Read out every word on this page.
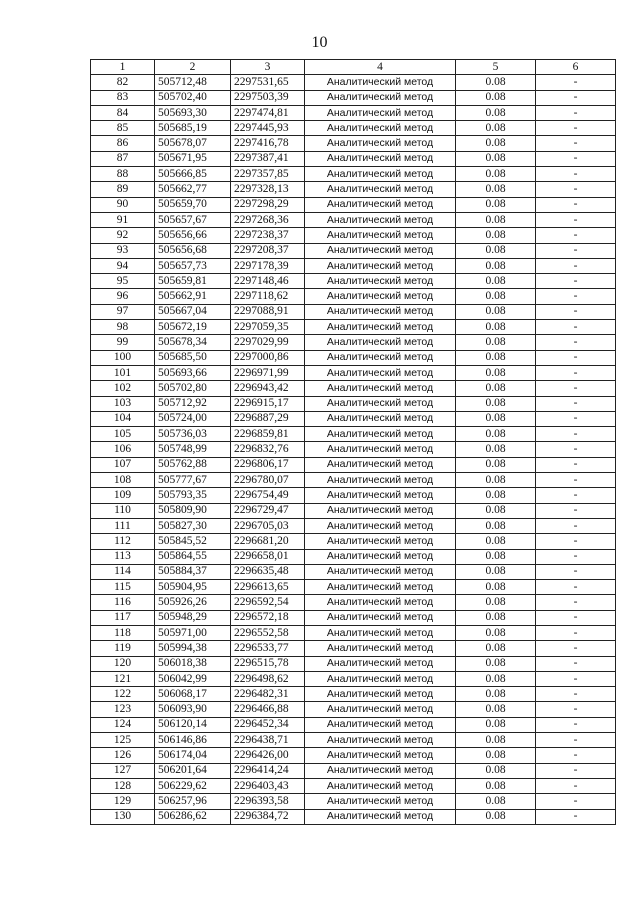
10
1	2	3	4	5	6
82	505712,48	2297531,65	Аналитический метод	0.08	-
83	505702,40	2297503,39	Аналитический метод	0.08	-
84	505693,30	2297474,81	Аналитический метод	0.08	-
85	505685,19	2297445,93	Аналитический метод	0.08	-
86	505678,07	2297416,78	Аналитический метод	0.08	-
87	505671,95	2297387,41	Аналитический метод	0.08	-
88	505666,85	2297357,85	Аналитический метод	0.08	-
89	505662,77	2297328,13	Аналитический метод	0.08	-
90	505659,70	2297298,29	Аналитический метод	0.08	-
91	505657,67	2297268,36	Аналитический метод	0.08	-
92	505656,66	2297238,37	Аналитический метод	0.08	-
93	505656,68	2297208,37	Аналитический метод	0.08	-
94	505657,73	2297178,39	Аналитический метод	0.08	-
95	505659,81	2297148,46	Аналитический метод	0.08	-
96	505662,91	2297118,62	Аналитический метод	0.08	-
97	505667,04	2297088,91	Аналитический метод	0.08	-
98	505672,19	2297059,35	Аналитический метод	0.08	-
99	505678,34	2297029,99	Аналитический метод	0.08	-
100	505685,50	2297000,86	Аналитический метод	0.08	-
101	505693,66	2296971,99	Аналитический метод	0.08	-
102	505702,80	2296943,42	Аналитический метод	0.08	-
103	505712,92	2296915,17	Аналитический метод	0.08	-
104	505724,00	2296887,29	Аналитический метод	0.08	-
105	505736,03	2296859,81	Аналитический метод	0.08	-
106	505748,99	2296832,76	Аналитический метод	0.08	-
107	505762,88	2296806,17	Аналитический метод	0.08	-
108	505777,67	2296780,07	Аналитический метод	0.08	-
109	505793,35	2296754,49	Аналитический метод	0.08	-
110	505809,90	2296729,47	Аналитический метод	0.08	-
111	505827,30	2296705,03	Аналитический метод	0.08	-
112	505845,52	2296681,20	Аналитический метод	0.08	-
113	505864,55	2296658,01	Аналитический метод	0.08	-
114	505884,37	2296635,48	Аналитический метод	0.08	-
115	505904,95	2296613,65	Аналитический метод	0.08	-
116	505926,26	2296592,54	Аналитический метод	0.08	-
117	505948,29	2296572,18	Аналитический метод	0.08	-
118	505971,00	2296552,58	Аналитический метод	0.08	-
119	505994,38	2296533,77	Аналитический метод	0.08	-
120	506018,38	2296515,78	Аналитический метод	0.08	-
121	506042,99	2296498,62	Аналитический метод	0.08	-
122	506068,17	2296482,31	Аналитический метод	0.08	-
123	506093,90	2296466,88	Аналитический метод	0.08	-
124	506120,14	2296452,34	Аналитический метод	0.08	-
125	506146,86	2296438,71	Аналитический метод	0.08	-
126	506174,04	2296426,00	Аналитический метод	0.08	-
127	506201,64	2296414,24	Аналитический метод	0.08	-
128	506229,62	2296403,43	Аналитический метод	0.08	-
129	506257,96	2296393,58	Аналитический метод	0.08	-
130	506286,62	2296384,72	Аналитический метод	0.08	-
